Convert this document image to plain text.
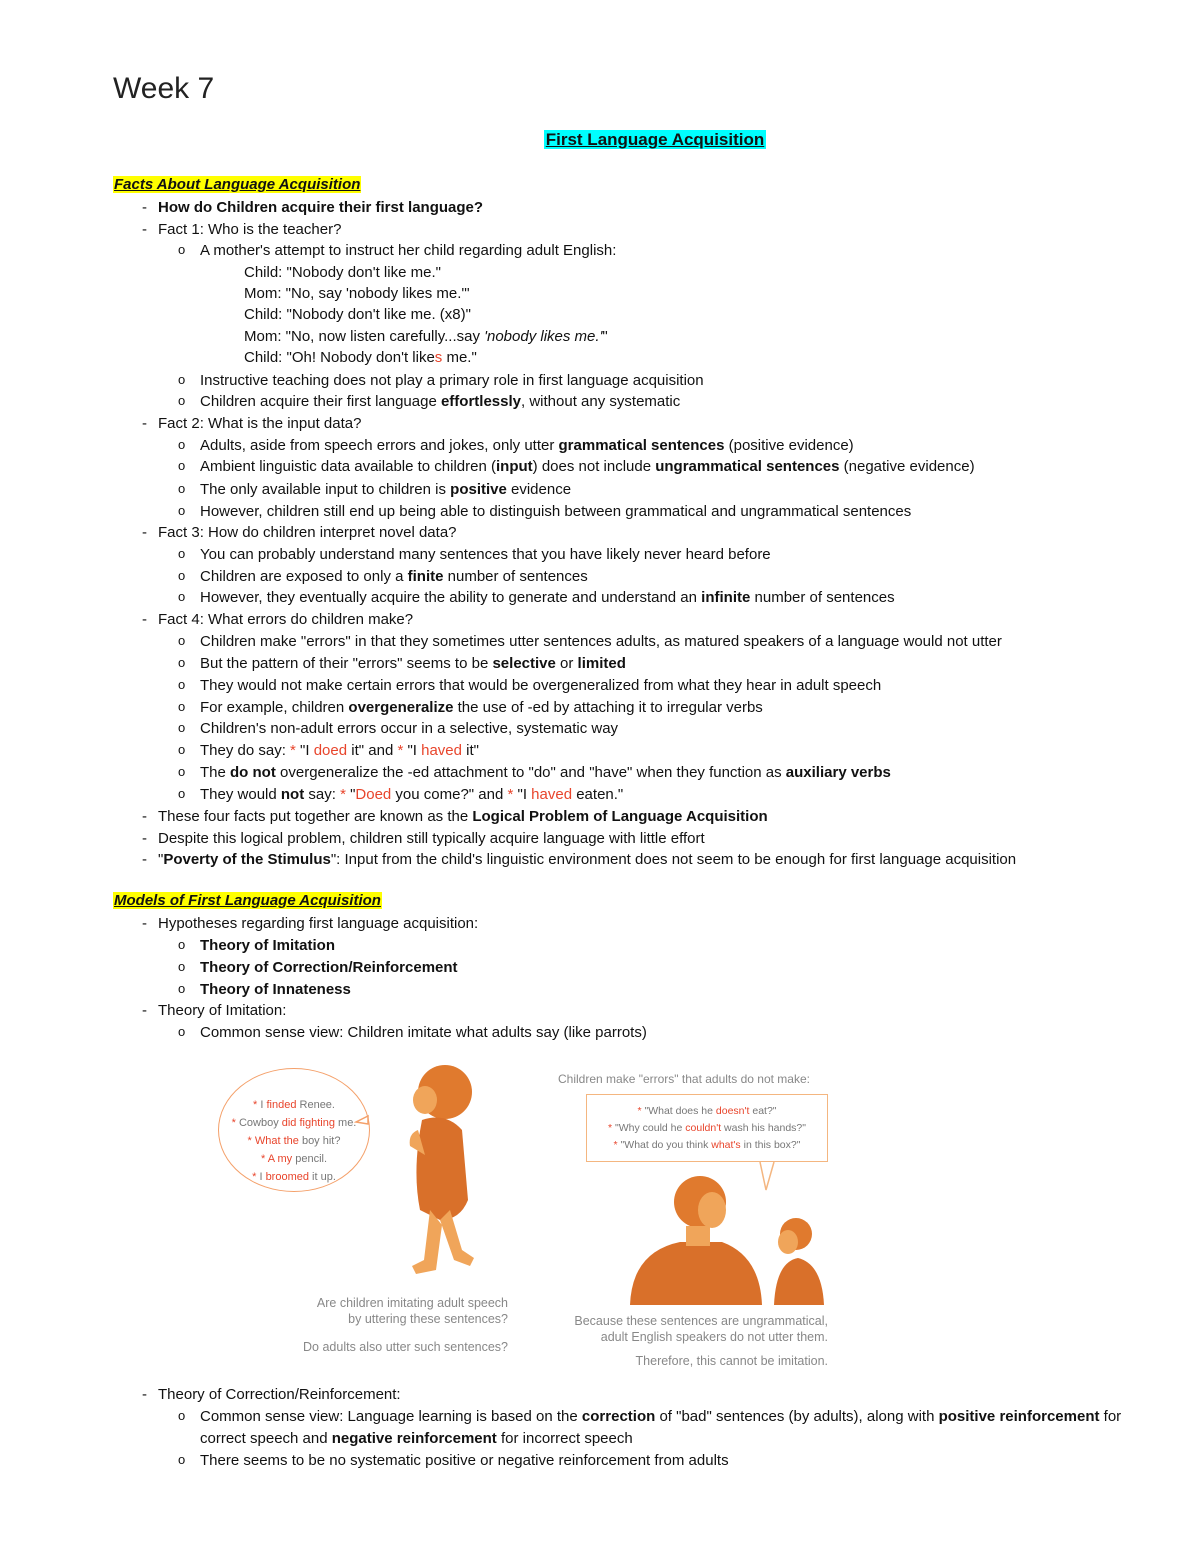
Week 7
First Language Acquisition
Facts About Language Acquisition
- How do Children acquire their first language?
- Fact 1: Who is the teacher?
o A mother's attempt to instruct her child regarding adult English:
Child: "Nobody don't like me."
Mom: "No, say 'nobody likes me.'"
Child: "Nobody don't like me. (x8)"
Mom: "No, now listen carefully...say 'nobody likes me.'"
Child: "Oh! Nobody don't likes me."
o Instructive teaching does not play a primary role in first language acquisition
o Children acquire their first language effortlessly, without any systematic
- Fact 2: What is the input data?
o Adults, aside from speech errors and jokes, only utter grammatical sentences (positive evidence)
o Ambient linguistic data available to children (input) does not include ungrammatical sentences (negative evidence)
o The only available input to children is positive evidence
o However, children still end up being able to distinguish between grammatical and ungrammatical sentences
- Fact 3: How do children interpret novel data?
o You can probably understand many sentences that you have likely never heard before
o Children are exposed to only a finite number of sentences
o However, they eventually acquire the ability to generate and understand an infinite number of sentences
- Fact 4: What errors do children make?
o Children make "errors" in that they sometimes utter sentences adults, as matured speakers of a language would not utter
o But the pattern of their "errors" seems to be selective or limited
o They would not make certain errors that would be overgeneralized from what they hear in adult speech
o For example, children overgeneralize the use of -ed by attaching it to irregular verbs
o Children's non-adult errors occur in a selective, systematic way
o They do say: * "I doed it" and * "I haved it"
o The do not overgeneralize the -ed attachment to "do" and "have" when they function as auxiliary verbs
o They would not say: * "Doed you come?" and * "I haved eaten."
- These four facts put together are known as the Logical Problem of Language Acquisition
- Despite this logical problem, children still typically acquire language with little effort
- "Poverty of the Stimulus": Input from the child's linguistic environment does not seem to be enough for first language acquisition
Models of First Language Acquisition
- Hypotheses regarding first language acquisition:
o Theory of Imitation
o Theory of Correction/Reinforcement
o Theory of Innateness
- Theory of Imitation:
o Common sense view: Children imitate what adults say (like parrots)
* I finded Renee.
* Cowboy did fighting me.
* What the boy hit?
* A my pencil.
* I broomed it up.
Are children imitating adult speech
by uttering these sentences?
Do adults also utter such sentences?
Children make "errors" that adults do not make:
* "What does he doesn't eat?"
* "Why could he couldn't wash his hands?"
* "What do you think what's in this box?"
Because these sentences are ungrammatical,
adult English speakers do not utter them.
Therefore, this cannot be imitation.
- Theory of Correction/Reinforcement:
o Common sense view: Language learning is based on the correction of "bad" sentences (by adults), along with positive reinforcement for
correct speech and negative reinforcement for incorrect speech
o There seems to be no systematic positive or negative reinforcement from adults
